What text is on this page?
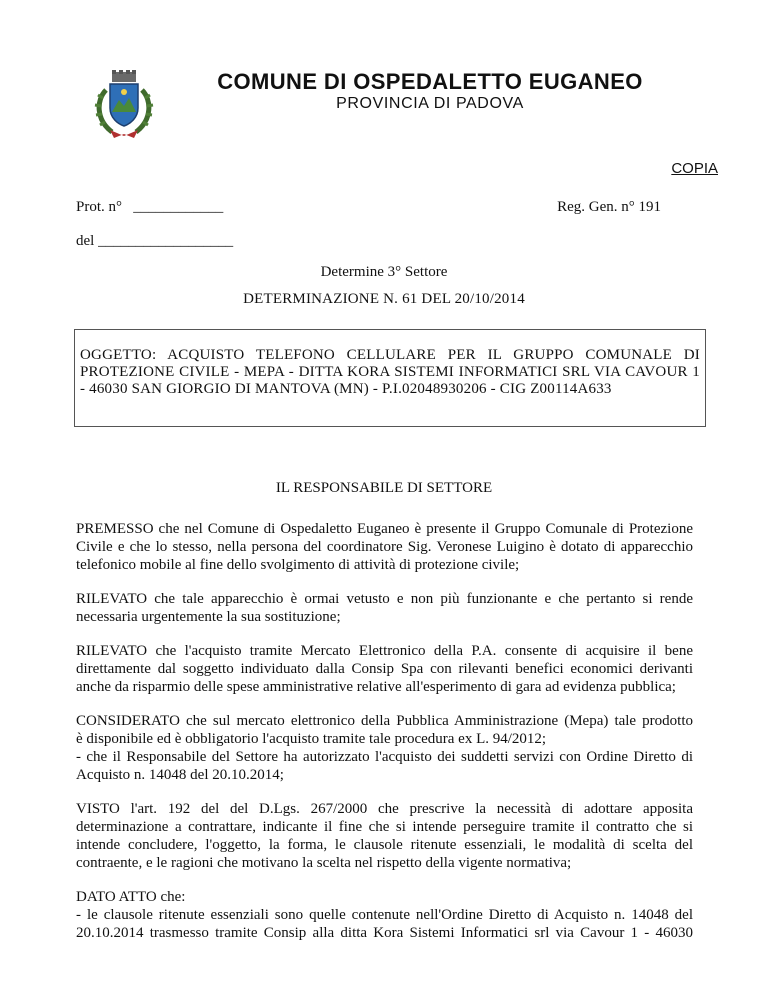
COMUNE DI OSPEDALETTO EUGANEO
PROVINCIA DI PADOVA
COPIA
Prot. n° ____________	Reg. Gen. n° 191
del __________________
Determine 3° Settore
DETERMINAZIONE N. 61 DEL 20/10/2014
OGGETTO: ACQUISTO TELEFONO CELLULARE PER IL GRUPPO COMUNALE DI PROTEZIONE CIVILE - MEPA - DITTA KORA SISTEMI INFORMATICI SRL VIA CAVOUR 1 - 46030 SAN GIORGIO DI MANTOVA (MN) - P.I.02048930206 - CIG Z00114A633
IL RESPONSABILE DI SETTORE

PREMESSO che nel Comune di Ospedaletto Euganeo è presente il Gruppo Comunale di Protezione
Civile e che lo stesso, nella persona del coordinatore Sig. Veronese Luigino è dotato di apparecchio
telefonico mobile al fine dello svolgimento di attività di protezione civile;

RILEVATO che tale apparecchio è ormai vetusto e non più funzionante e che pertanto si rende
necessaria urgentemente la sua sostituzione;

RILEVATO che l'acquisto tramite Mercato Elettronico della P.A. consente di acquisire il bene
direttamente dal soggetto individuato dalla Consip Spa con rilevanti benefici economici derivanti
anche da risparmio delle spese amministrative relative all'esperimento di gara ad evidenza pubblica;

CONSIDERATO che sul mercato elettronico della Pubblica Amministrazione (Mepa) tale prodotto
è disponibile ed è obbligatorio l'acquisto tramite tale procedura ex L. 94/2012;
- che il Responsabile del Settore ha autorizzato l'acquisto dei suddetti servizi con Ordine Diretto di
Acquisto n. 14048 del 20.10.2014;

VISTO l'art. 192 del del D.Lgs. 267/2000 che prescrive la necessità di adottare apposita
determinazione a contrattare, indicante il fine che si intende perseguire tramite il contratto che si
intende concludere, l'oggetto, la forma, le clausole ritenute essenziali, le modalità di scelta del
contraente, e le ragioni che motivano la scelta nel rispetto della vigente normativa;

DATO ATTO che:
- le clausole ritenute essenziali sono quelle contenute nell'Ordine Diretto di Acquisto n. 14048 del
20.10.2014 trasmesso tramite Consip alla ditta Kora Sistemi Informatici srl via Cavour 1 - 46030
